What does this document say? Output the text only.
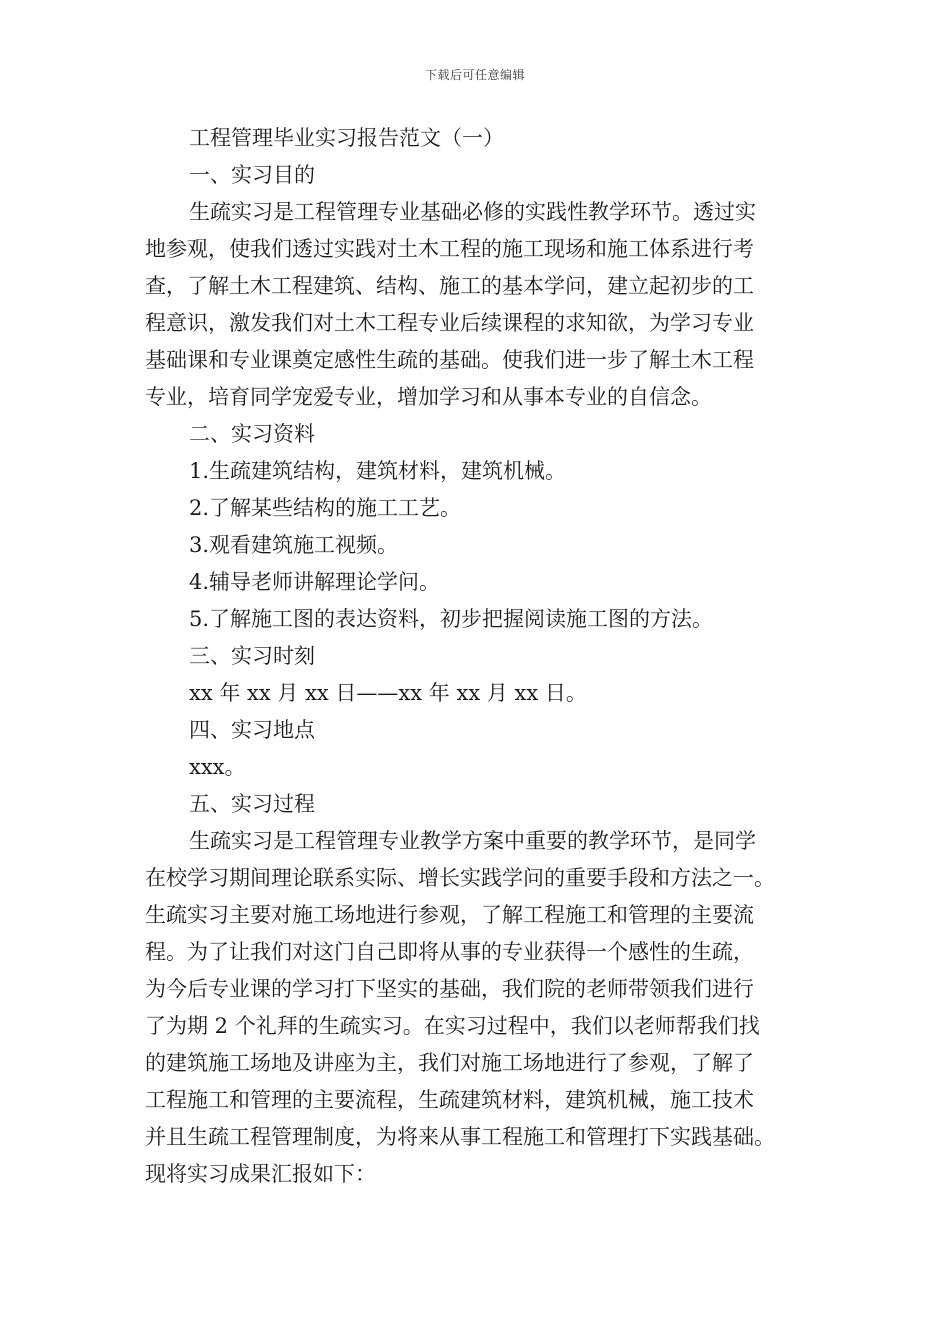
下载后可任意编辑
工程管理毕业实习报告范文（一）
一、实习目的
生疏实习是工程管理专业基础必修的实践性教学环节。透过实
地参观，使我们透过实践对土木工程的施工现场和施工体系进行考
查，了解土木工程建筑、结构、施工的基本学问，建立起初步的工
程意识，激发我们对土木工程专业后续课程的求知欲，为学习专业
基础课和专业课奠定感性生疏的基础。使我们进一步了解土木工程
专业，培育同学宠爱专业，增加学习和从事本专业的自信念。
二、实习资料
1.生疏建筑结构，建筑材料，建筑机械。
2.了解某些结构的施工工艺。
3.观看建筑施工视频。
4.辅导老师讲解理论学问。
5.了解施工图的表达资料，初步把握阅读施工图的方法。
三、实习时刻
xx 年 xx 月 xx 日——xx 年 xx 月 xx 日。
四、实习地点
xxx。
五、实习过程
生疏实习是工程管理专业教学方案中重要的教学环节，是同学
在校学习期间理论联系实际、增长实践学问的重要手段和方法之一。
生疏实习主要对施工场地进行参观，了解工程施工和管理的主要流
程。为了让我们对这门自己即将从事的专业获得一个感性的生疏，
为今后专业课的学习打下坚实的基础，我们院的老师带领我们进行
了为期 2 个礼拜的生疏实习。在实习过程中，我们以老师帮我们找
的建筑施工场地及讲座为主，我们对施工场地进行了参观，了解了
工程施工和管理的主要流程，生疏建筑材料，建筑机械，施工技术
并且生疏工程管理制度，为将来从事工程施工和管理打下实践基础。
现将实习成果汇报如下：
